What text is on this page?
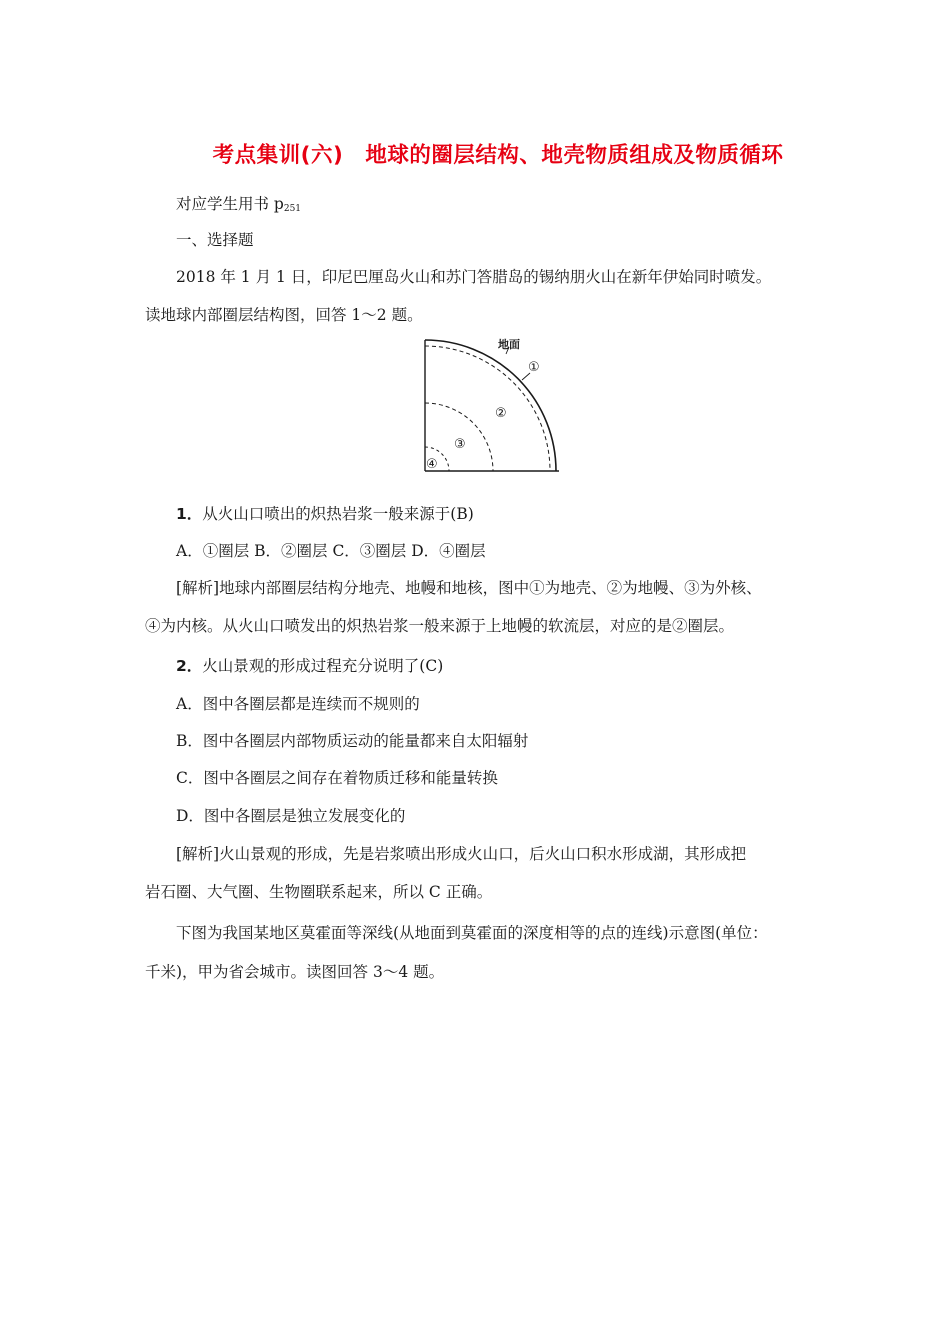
考点集训(六)　地球的圈层结构、地壳物质组成及物质循环
对应学生用书 $p_{251}$
一、选择题
2018 年 1 月 1 日，印尼巴厘岛火山和苏门答腊岛的锡纳朋火山在新年伊始同时喷发。
读地球内部圈层结构图，回答 1～2 题。
地面
①
②
③
④
1．从火山口喷出的炽热岩浆一般来源于(B)
A．①圈层 B．②圈层 C．③圈层 D．④圈层
[解析]地球内部圈层结构分地壳、地幔和地核，图中①为地壳、②为地幔、③为外核、
④为内核。从火山口喷发出的炽热岩浆一般来源于上地幔的软流层，对应的是②圈层。
2．火山景观的形成过程充分说明了(C)
A．图中各圈层都是连续而不规则的
B．图中各圈层内部物质运动的能量都来自太阳辐射
C．图中各圈层之间存在着物质迁移和能量转换
D．图中各圈层是独立发展变化的
[解析]火山景观的形成，先是岩浆喷出形成火山口，后火山口积水形成湖，其形成把
岩石圈、大气圈、生物圈联系起来，所以 C 正确。
下图为我国某地区莫霍面等深线(从地面到莫霍面的深度相等的点的连线)示意图(单位：
千米)，甲为省会城市。读图回答 3～4 题。
